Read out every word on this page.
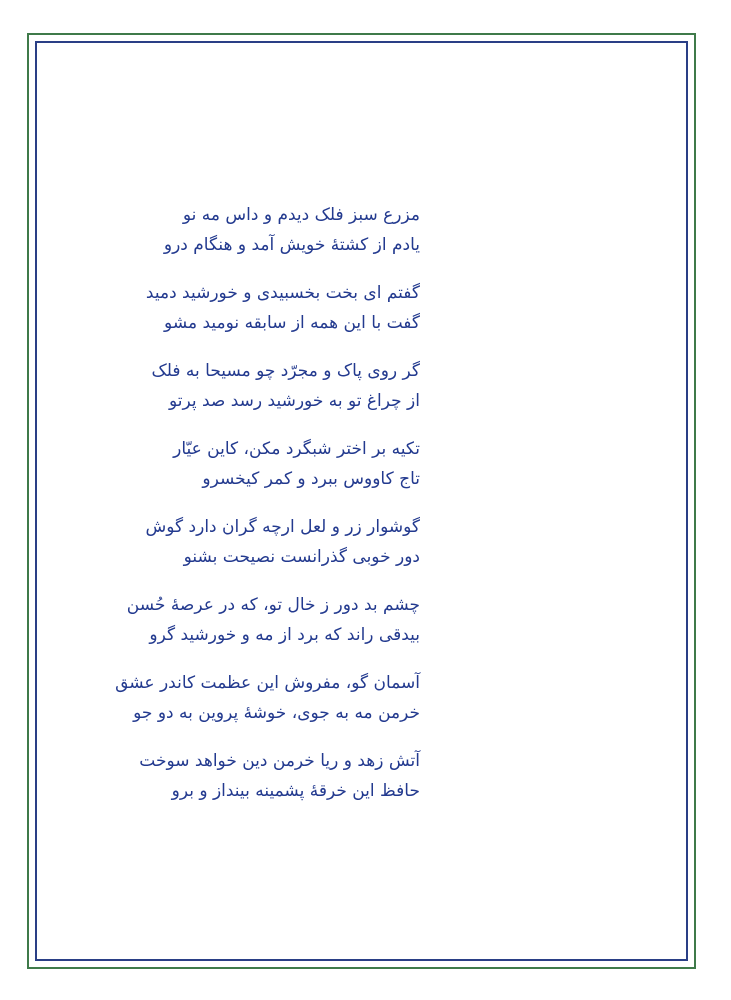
مزرع سبز فلک دیدم و داس مه نو
یادم از کشتهٔ خویش آمد و هنگام درو
گفتم ای بخت بخسبیدی و خورشید دمید
گفت با این همه از سابقه نومید مشو
گر روی پاک و مجرّد چو مسیحا به فلک
از چراغ تو به خورشید رسد صد پرتو
تکیه بر اختر شبگرد مکن، کاین عیّار
تاج کاووس ببرد و کمر کیخسرو
گوشوار زر و لعل ارچه گران دارد گوش
دور خوبی گذرانست نصیحت بشنو
چشم بد دور ز خال تو، که در عرصهٔ حُسن
بیدقی راند که برد از مه و خورشید گرو
آسمان گو، مفروش این عظمت کاندر عشق
خرمن مه به جوی، خوشهٔ پروین به دو جو
آتش زهد و ریا خرمن دین خواهد سوخت
حافظ این خرقهٔ پشمینه بینداز و برو
